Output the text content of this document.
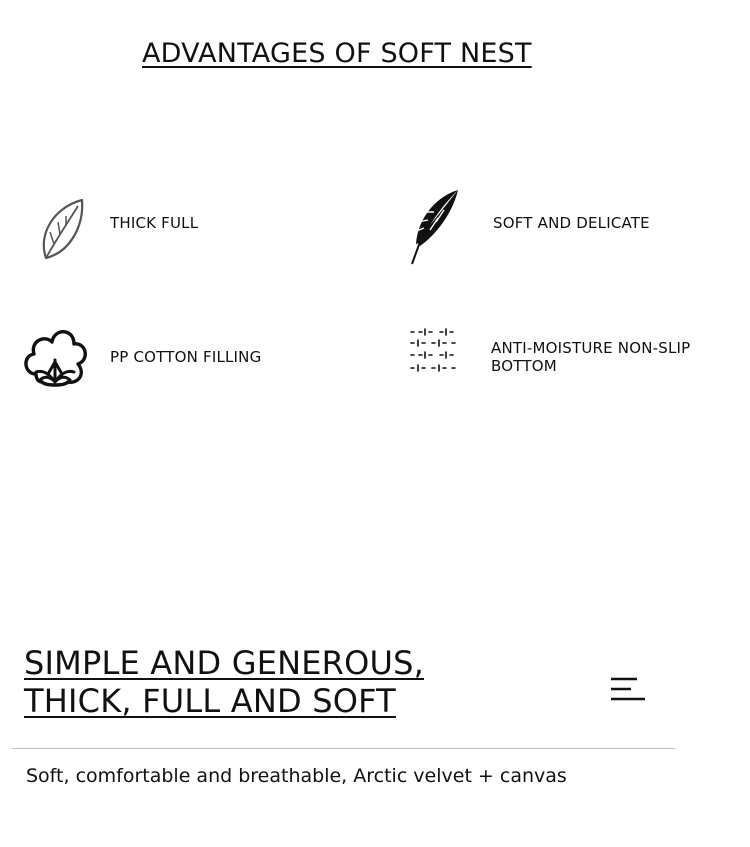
ADVANTAGES OF SOFT NEST
THICK FULL	SOFT AND DELICATE
PP COTTON FILLING	ANTI-MOISTURE NON-SLIP
BOTTOM
SIMPLE AND GENEROUS,
THICK, FULL AND SOFT
Soft, comfortable and breathable, Arctic velvet + canvas
